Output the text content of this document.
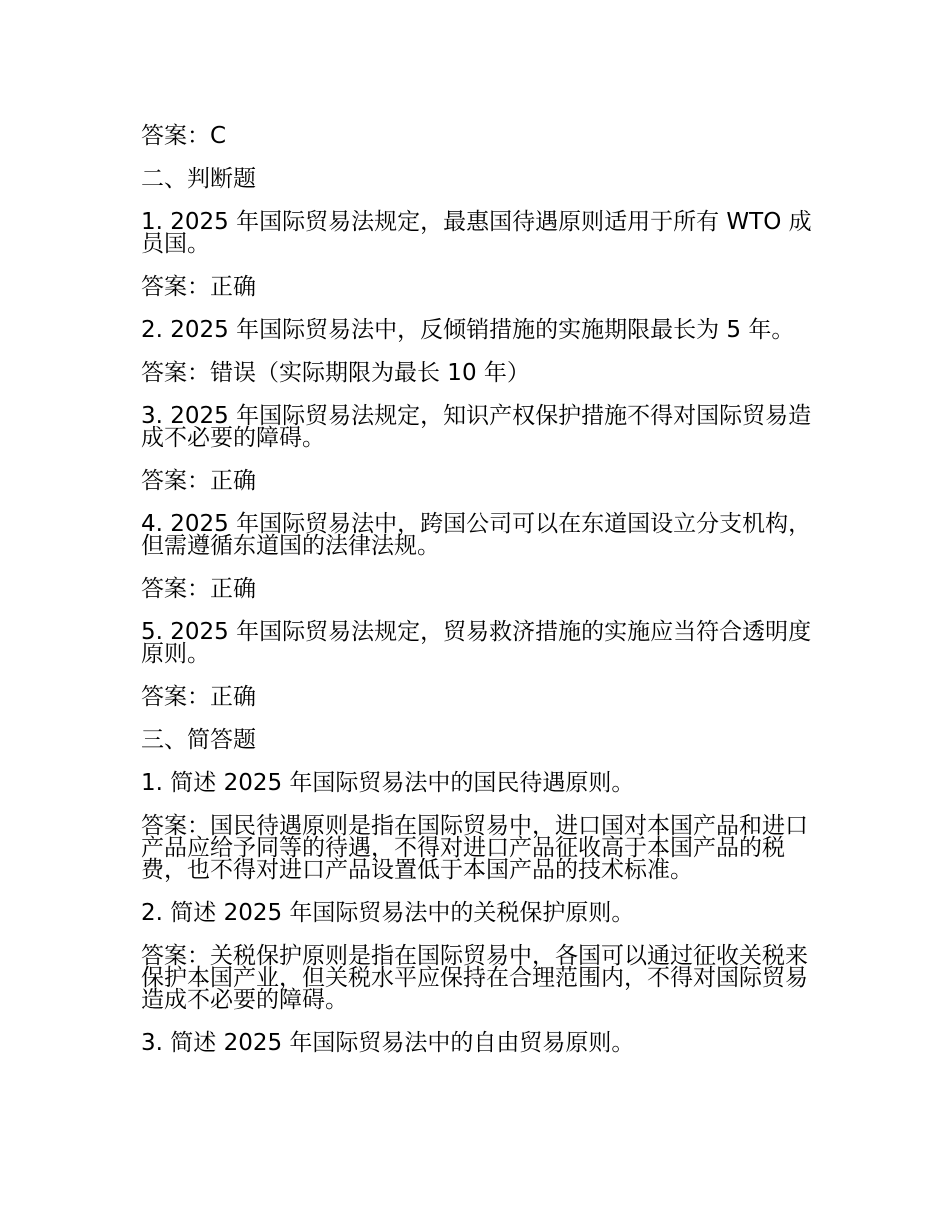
答案：C

二、判断题

1. 2025 年国际贸易法规定，最惠国待遇原则适用于所有 WTO 成员国。

答案：正确

2. 2025 年国际贸易法中，反倾销措施的实施期限最长为 5 年。

答案：错误（实际期限为最长 10 年）

3. 2025 年国际贸易法规定，知识产权保护措施不得对国际贸易造成不必要的障碍。

答案：正确

4. 2025 年国际贸易法中，跨国公司可以在东道国设立分支机构，但需遵循东道国的法律法规。

答案：正确

5. 2025 年国际贸易法规定，贸易救济措施的实施应当符合透明度原则。

答案：正确

三、简答题

1. 简述 2025 年国际贸易法中的国民待遇原则。

答案：国民待遇原则是指在国际贸易中，进口国对本国产品和进口产品应给予同等的待遇，不得对进口产品征收高于本国产品的税费，也不得对进口产品设置低于本国产品的技术标准。

2. 简述 2025 年国际贸易法中的关税保护原则。

答案：关税保护原则是指在国际贸易中，各国可以通过征收关税来保护本国产业，但关税水平应保持在合理范围内，不得对国际贸易造成不必要的障碍。

3. 简述 2025 年国际贸易法中的自由贸易原则。
